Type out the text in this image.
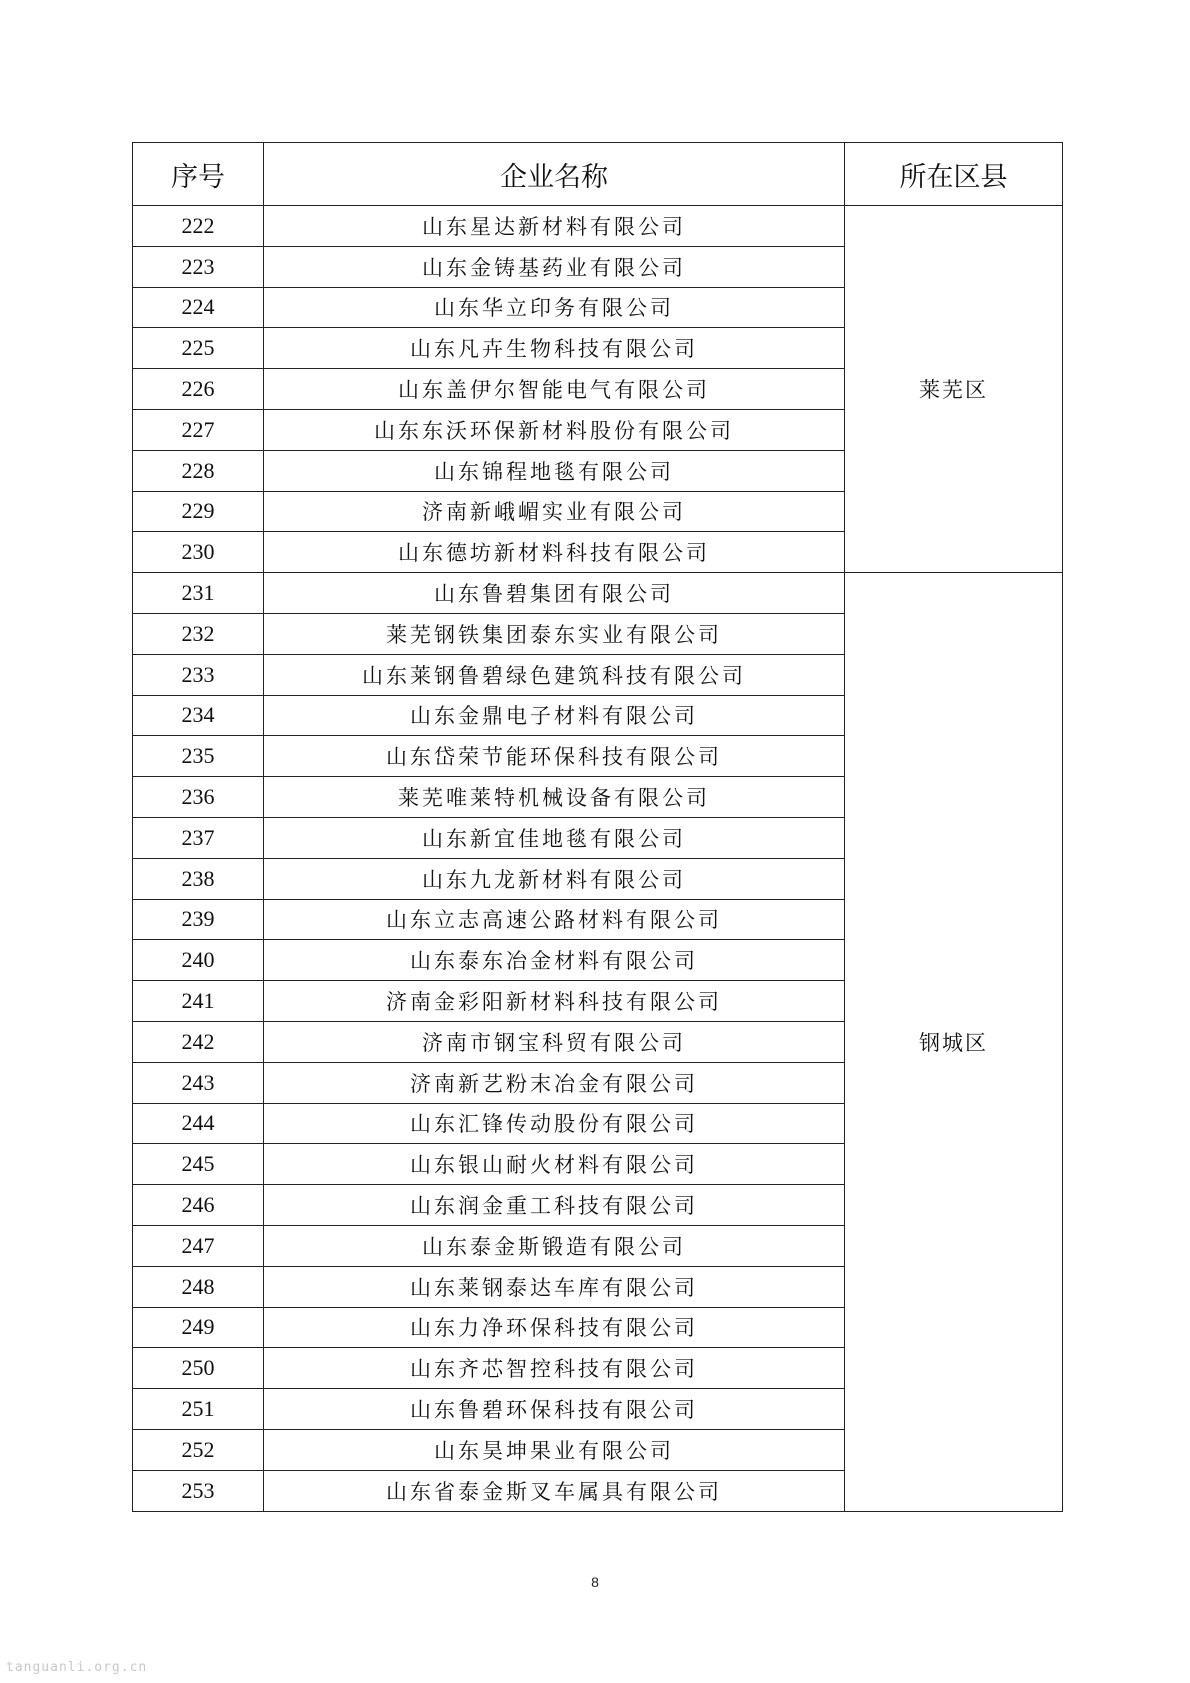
序号	企业名称	所在区县
222	山东星达新材料有限公司	莱芜区
223	山东金铸基药业有限公司	
224	山东华立印务有限公司	
225	山东凡卉生物科技有限公司	
226	山东盖伊尔智能电气有限公司	
227	山东东沃环保新材料股份有限公司	
228	山东锦程地毯有限公司	
229	济南新峨嵋实业有限公司	
230	山东德坊新材料科技有限公司	
231	山东鲁碧集团有限公司	钢城区
232	莱芜钢铁集团泰东实业有限公司	
233	山东莱钢鲁碧绿色建筑科技有限公司	
234	山东金鼎电子材料有限公司	
235	山东岱荣节能环保科技有限公司	
236	莱芜唯莱特机械设备有限公司	
237	山东新宜佳地毯有限公司	
238	山东九龙新材料有限公司	
239	山东立志高速公路材料有限公司	
240	山东泰东冶金材料有限公司	
241	济南金彩阳新材料科技有限公司	
242	济南市钢宝科贸有限公司	
243	济南新艺粉末冶金有限公司	
244	山东汇锋传动股份有限公司	
245	山东银山耐火材料有限公司	
246	山东润金重工科技有限公司	
247	山东泰金斯锻造有限公司	
248	山东莱钢泰达车库有限公司	
249	山东力净环保科技有限公司	
250	山东齐芯智控科技有限公司	
251	山东鲁碧环保科技有限公司	
252	山东昊坤果业有限公司	
253	山东省泰金斯叉车属具有限公司	
8
tanguanli.org.cn
